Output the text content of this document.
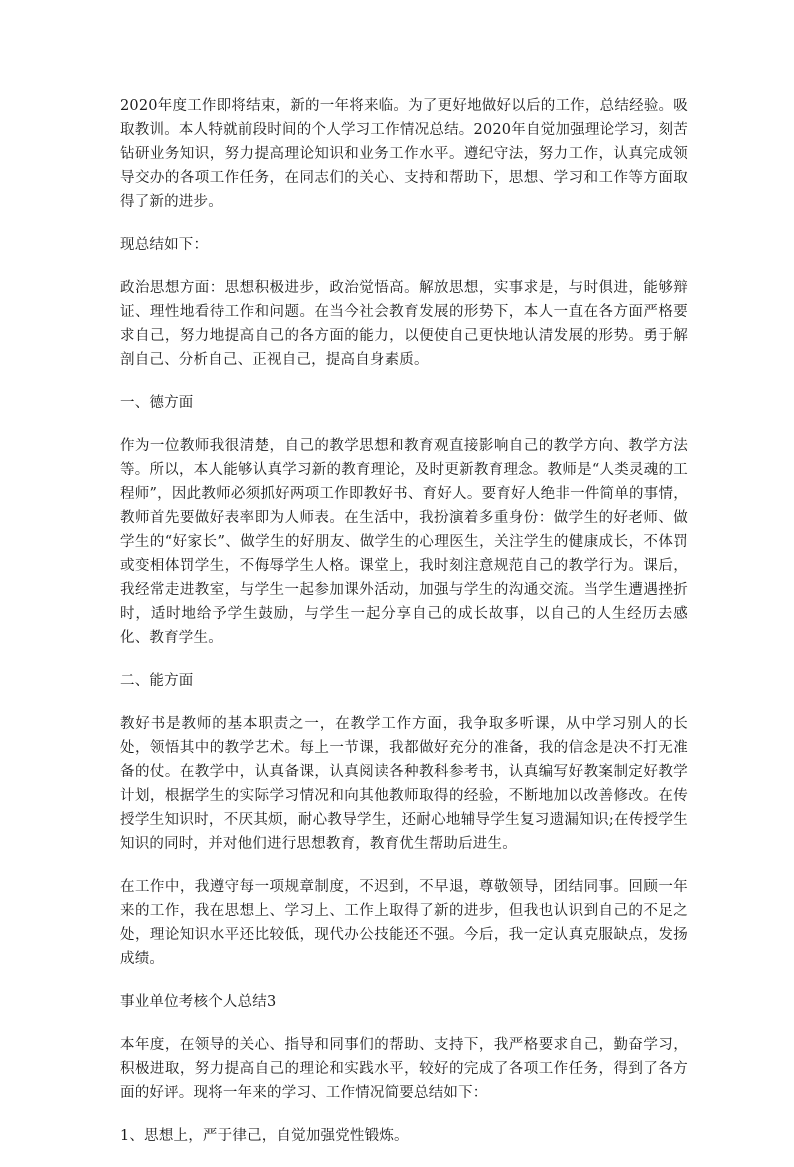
2020年度工作即将结束，新的一年将来临。为了更好地做好以后的工作，总结经验。吸取教训。本人特就前段时间的个人学习工作情况总结。2020年自觉加强理论学习，刻苦钻研业务知识，努力提高理论知识和业务工作水平。遵纪守法，努力工作，认真完成领导交办的各项工作任务，在同志们的关心、支持和帮助下，思想、学习和工作等方面取得了新的进步。

现总结如下：

政治思想方面：思想积极进步，政治觉悟高。解放思想，实事求是，与时俱进，能够辩证、理性地看待工作和问题。在当今社会教育发展的形势下，本人一直在各方面严格要求自己，努力地提高自己的各方面的能力，以便使自己更快地认清发展的形势。勇于解剖自己、分析自己、正视自己，提高自身素质。

一、德方面

作为一位教师我很清楚，自己的教学思想和教育观直接影响自己的教学方向、教学方法等。所以，本人能够认真学习新的教育理论，及时更新教育理念。教师是“人类灵魂的工程师”，因此教师必须抓好两项工作即教好书、育好人。要育好人绝非一件简单的事情，教师首先要做好表率即为人师表。在生活中，我扮演着多重身份：做学生的好老师、做学生的“好家长”、做学生的好朋友、做学生的心理医生，关注学生的健康成长，不体罚或变相体罚学生，不侮辱学生人格。课堂上，我时刻注意规范自己的教学行为。课后，我经常走进教室，与学生一起参加课外活动，加强与学生的沟通交流。当学生遭遇挫折时，适时地给予学生鼓励，与学生一起分享自己的成长故事，以自己的人生经历去感化、教育学生。

二、能方面

教好书是教师的基本职责之一，在教学工作方面，我争取多听课，从中学习别人的长处，领悟其中的教学艺术。每上一节课，我都做好充分的准备，我的信念是决不打无准备的仗。在教学中，认真备课，认真阅读各种教科参考书，认真编写好教案制定好教学计划，根据学生的实际学习情况和向其他教师取得的经验，不断地加以改善修改。在传授学生知识时，不厌其烦，耐心教导学生，还耐心地辅导学生复习遗漏知识;在传授学生知识的同时，并对他们进行思想教育，教育优生帮助后进生。

在工作中，我遵守每一项规章制度，不迟到，不早退，尊敬领导，团结同事。回顾一年来的工作，我在思想上、学习上、工作上取得了新的进步，但我也认识到自己的不足之处，理论知识水平还比较低，现代办公技能还不强。今后，我一定认真克服缺点，发扬成绩。

事业单位考核个人总结3

本年度，在领导的关心、指导和同事们的帮助、支持下，我严格要求自己，勤奋学习，积极进取，努力提高自己的理论和实践水平，较好的完成了各项工作任务，得到了各方面的好评。现将一年来的学习、工作情况简要总结如下：

1、思想上，严于律己，自觉加强党性锻炼。
